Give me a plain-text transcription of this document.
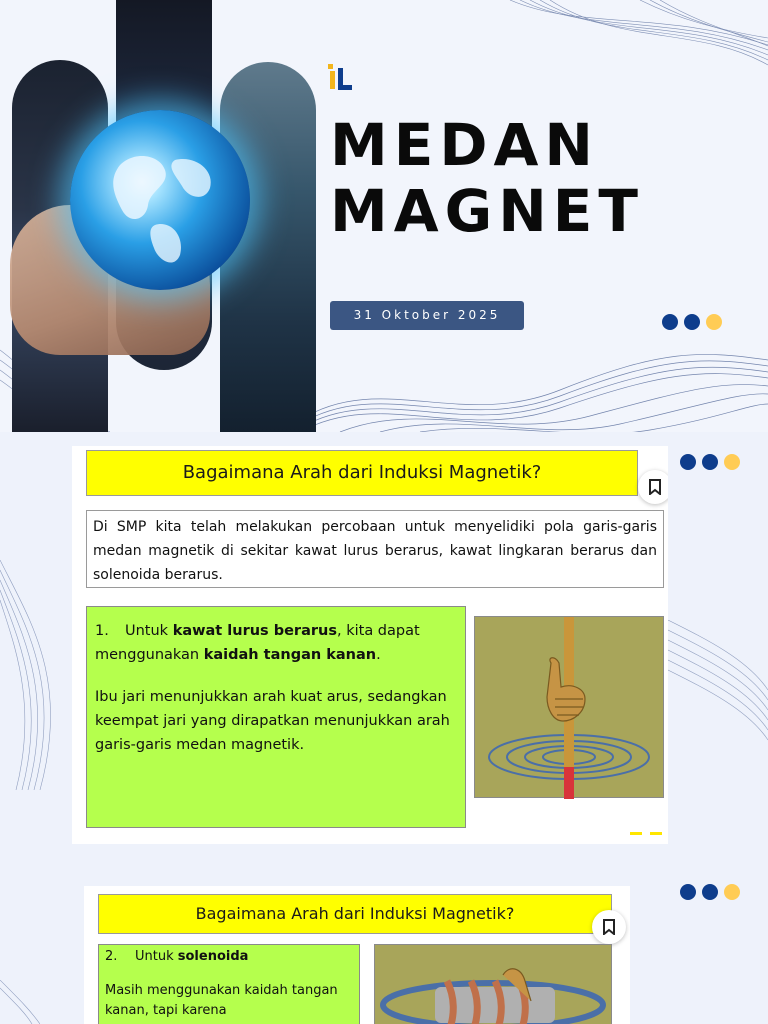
MEDAN
MAGNET
31 Oktober 2025
Bagaimana Arah dari Induksi Magnetik?
Di SMP kita telah melakukan percobaan untuk menyelidiki pola garis-garis medan magnetik di sekitar kawat lurus berarus, kawat lingkaran berarus dan solenoida berarus.
1. Untuk kawat lurus berarus, kita dapat menggunakan kaidah tangan kanan.
Ibu jari menunjukkan arah kuat arus, sedangkan keempat jari yang dirapatkan menunjukkan arah garis-garis medan magnetik.
Bagaimana Arah dari Induksi Magnetik?
2. Untuk solenoida
Masih menggunakan kaidah tangan kanan, tapi karena
